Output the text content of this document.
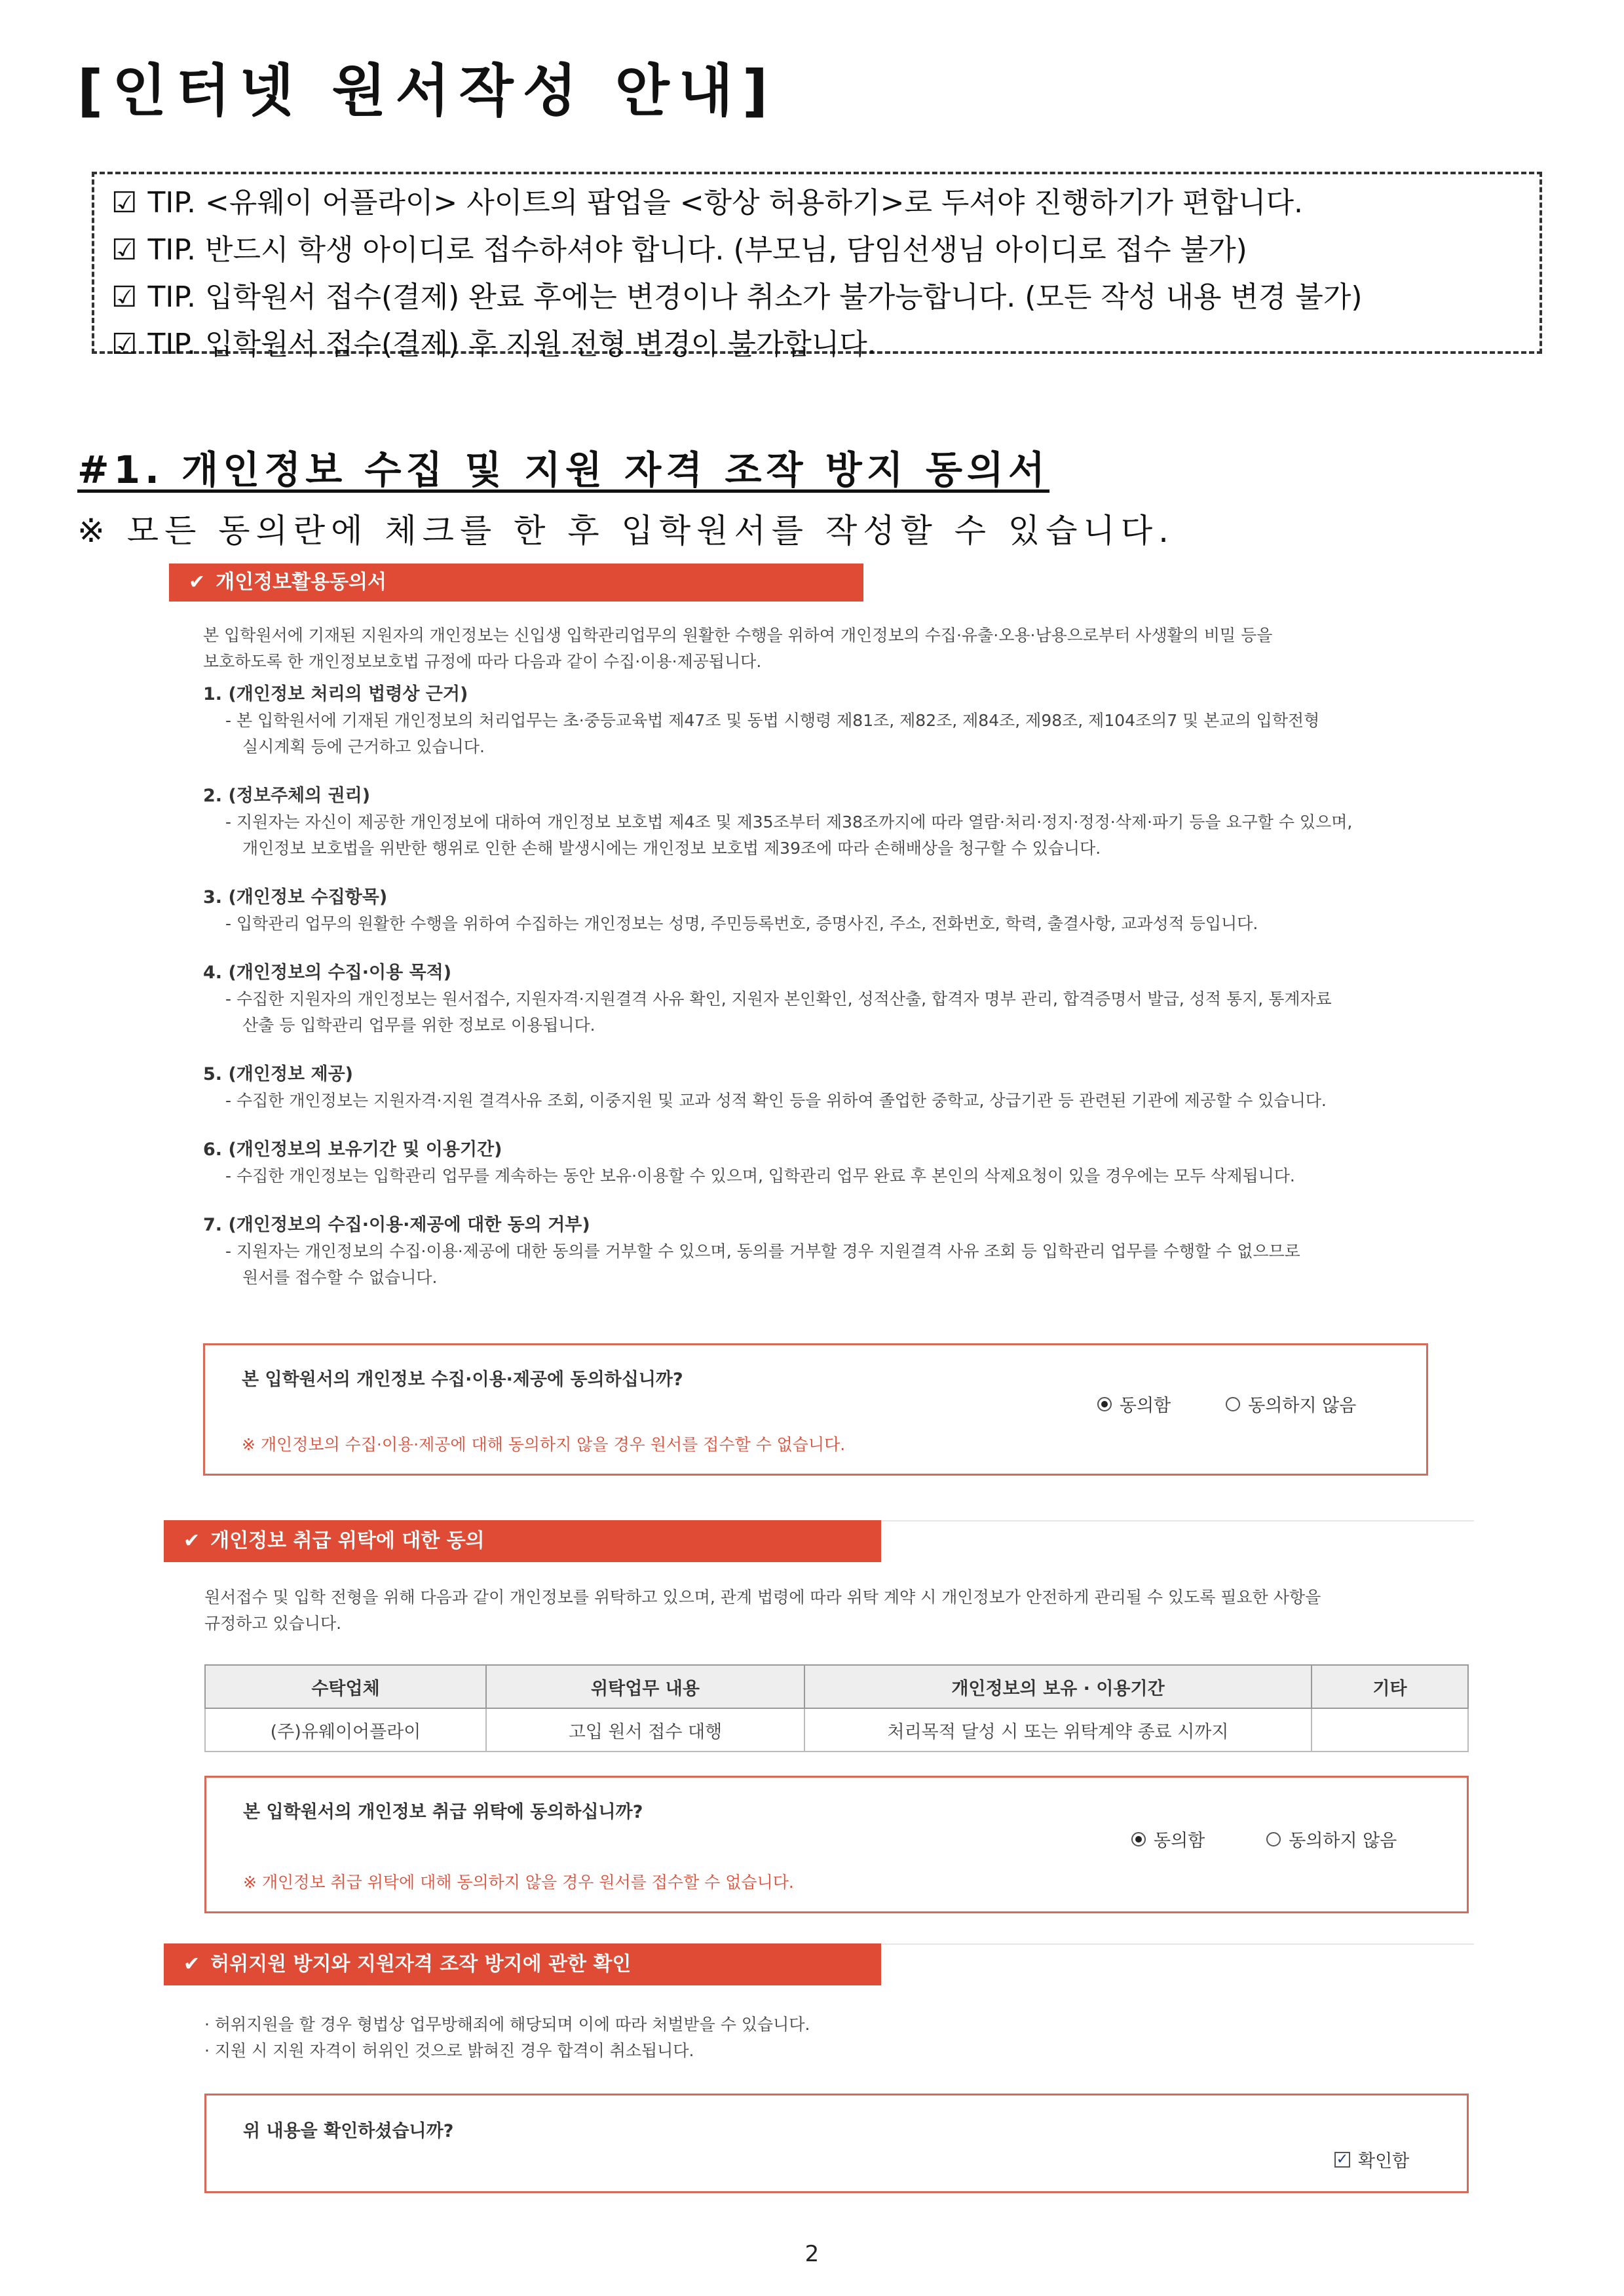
[인터넷 원서작성 안내]
☑ TIP. <유웨이 어플라이> 사이트의 팝업을 <항상 허용하기>로 두셔야 진행하기가 편합니다.
☑ TIP. 반드시 학생 아이디로 접수하셔야 합니다. (부모님, 담임선생님 아이디로 접수 불가)
☑ TIP. 입학원서 접수(결제) 완료 후에는 변경이나 취소가 불가능합니다. (모든 작성 내용 변경 불가)
☑ TIP. 입학원서 접수(결제) 후 지원 전형 변경이 불가합니다.
#1. 개인정보 수집 및 지원 자격 조작 방지 동의서
※ 모든 동의란에 체크를 한 후 입학원서를 작성할 수 있습니다.
✔ 개인정보활용동의서
본 입학원서에 기재된 지원자의 개인정보는 신입생 입학관리업무의 원활한 수행을 위하여 개인정보의 수집·유출·오용·남용으로부터 사생활의 비밀 등을
보호하도록 한 개인정보보호법 규정에 따라 다음과 같이 수집·이용·제공됩니다.
1. (개인정보 처리의 법령상 근거)
- 본 입학원서에 기재된 개인정보의 처리업무는 초·중등교육법 제47조 및 동법 시행령 제81조, 제82조, 제84조, 제98조, 제104조의7 및 본교의 입학전형
실시계획 등에 근거하고 있습니다.
2. (정보주체의 권리)
- 지원자는 자신이 제공한 개인정보에 대하여 개인정보 보호법 제4조 및 제35조부터 제38조까지에 따라 열람·처리·정지·정정·삭제·파기 등을 요구할 수 있으며,
개인정보 보호법을 위반한 행위로 인한 손해 발생시에는 개인정보 보호법 제39조에 따라 손해배상을 청구할 수 있습니다.
3. (개인정보 수집항목)
- 입학관리 업무의 원활한 수행을 위하여 수집하는 개인정보는 성명, 주민등록번호, 증명사진, 주소, 전화번호, 학력, 출결사항, 교과성적 등입니다.
4. (개인정보의 수집·이용 목적)
- 수집한 지원자의 개인정보는 원서접수, 지원자격·지원결격 사유 확인, 지원자 본인확인, 성적산출, 합격자 명부 관리, 합격증명서 발급, 성적 통지, 통계자료
산출 등 입학관리 업무를 위한 정보로 이용됩니다.
5. (개인정보 제공)
- 수집한 개인정보는 지원자격·지원 결격사유 조회, 이중지원 및 교과 성적 확인 등을 위하여 졸업한 중학교, 상급기관 등 관련된 기관에 제공할 수 있습니다.
6. (개인정보의 보유기간 및 이용기간)
- 수집한 개인정보는 입학관리 업무를 계속하는 동안 보유·이용할 수 있으며, 입학관리 업무 완료 후 본인의 삭제요청이 있을 경우에는 모두 삭제됩니다.
7. (개인정보의 수집·이용·제공에 대한 동의 거부)
- 지원자는 개인정보의 수집·이용·제공에 대한 동의를 거부할 수 있으며, 동의를 거부할 경우 지원결격 사유 조회 등 입학관리 업무를 수행할 수 없으므로
원서를 접수할 수 없습니다.
본 입학원서의 개인정보 수집·이용·제공에 동의하십니까?
※ 개인정보의 수집·이용·제공에 대해 동의하지 않을 경우 원서를 접수할 수 없습니다.
동의함	동의하지 않음
✔ 개인정보 취급 위탁에 대한 동의
원서접수 및 입학 전형을 위해 다음과 같이 개인정보를 위탁하고 있으며, 관계 법령에 따라 위탁 계약 시 개인정보가 안전하게 관리될 수 있도록 필요한 사항을
규정하고 있습니다.
수탁업체	위탁업무 내용	개인정보의 보유 · 이용기간	기타
(주)유웨이어플라이	고입 원서 접수 대행	처리목적 달성 시 또는 위탁계약 종료 시까지	
본 입학원서의 개인정보 취급 위탁에 동의하십니까?
※ 개인정보 취급 위탁에 대해 동의하지 않을 경우 원서를 접수할 수 없습니다.
동의함	동의하지 않음
✔ 허위지원 방지와 지원자격 조작 방지에 관한 확인
· 허위지원을 할 경우 형법상 업무방해죄에 해당되며 이에 따라 처벌받을 수 있습니다.
· 지원 시 지원 자격이 허위인 것으로 밝혀진 경우 합격이 취소됩니다.
위 내용을 확인하셨습니까?
✓ 확인함
2
